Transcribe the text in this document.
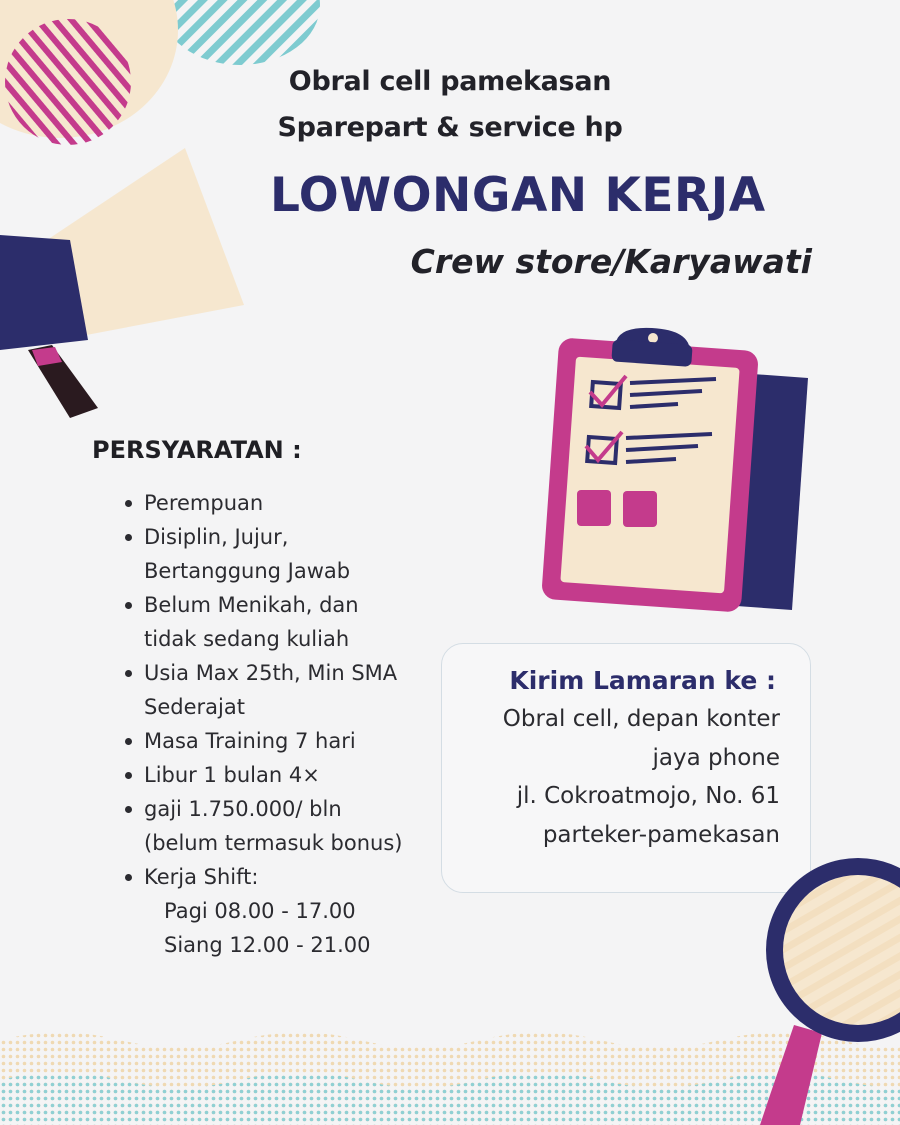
Obral cell pamekasan
Sparepart & service hp
LOWONGAN KERJA
Crew store/Karyawati
PERSYARATAN :
Perempuan
Disiplin, Jujur,
Bertanggung Jawab
Belum Menikah, dan
tidak sedang kuliah
Usia Max 25th, Min SMA
Sederajat
Masa Training 7 hari
Libur 1 bulan 4×
gaji 1.750.000/ bln
(belum termasuk bonus)
Kerja Shift:
Pagi 08.00 - 17.00
Siang 12.00 - 21.00
Kirim Lamaran ke :
Obral cell, depan konter
jaya phone
jl. Cokroatmojo, No. 61
parteker-pamekasan
